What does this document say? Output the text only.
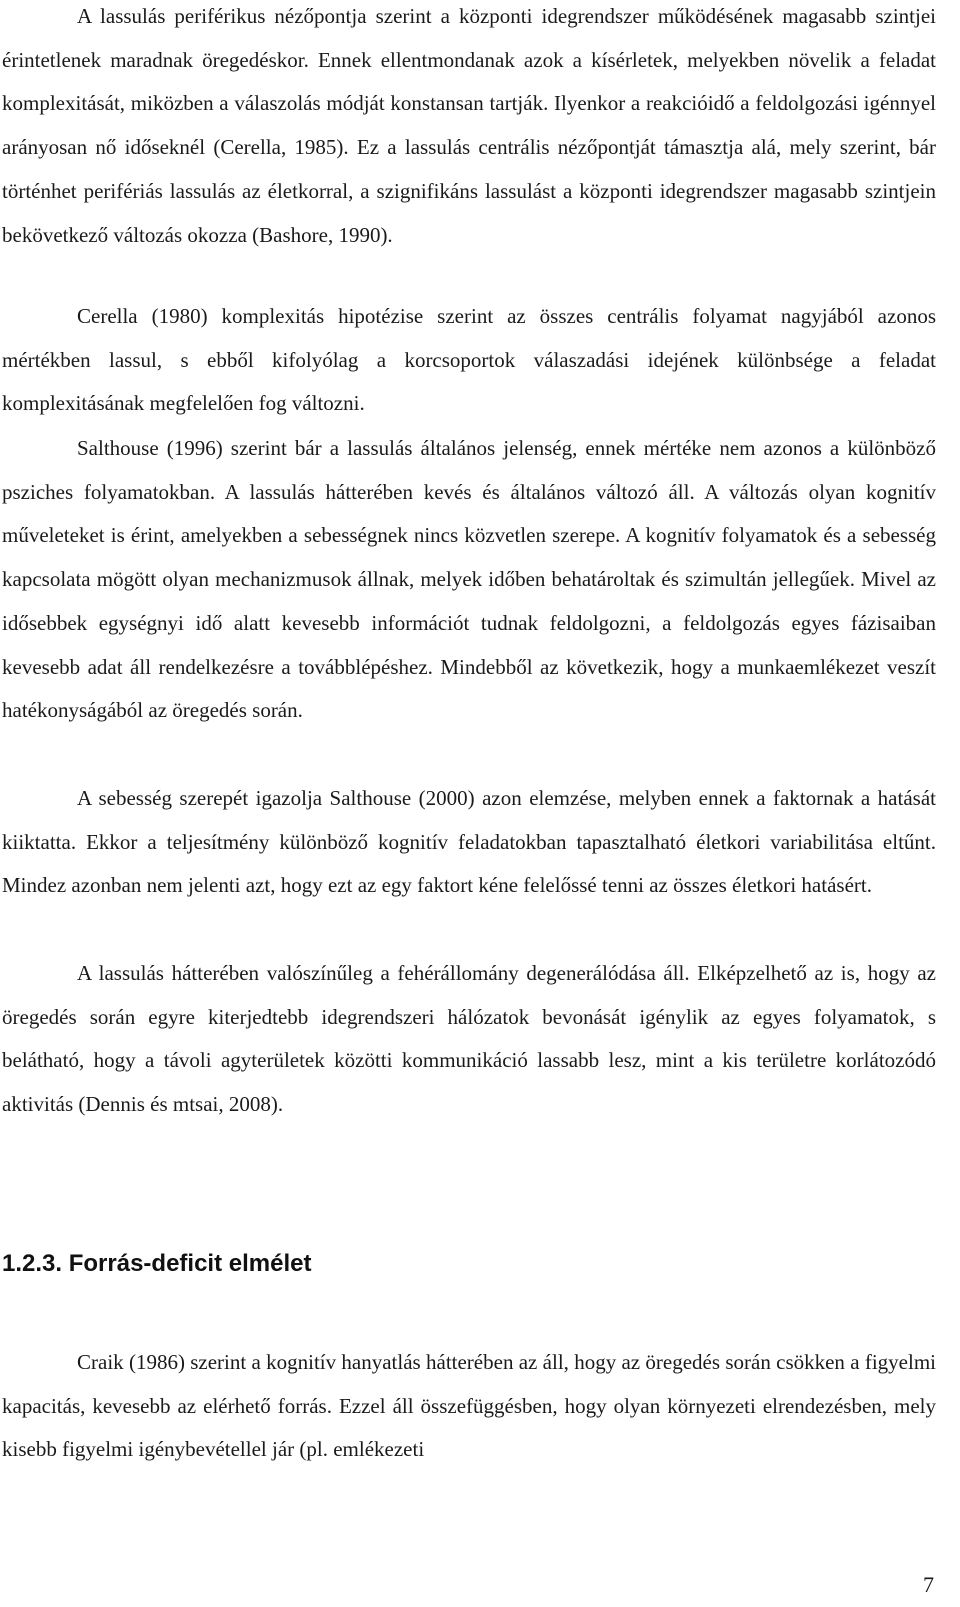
A lassulás periférikus nézőpontja szerint a központi idegrendszer működésének magasabb szintjei érintetlenek maradnak öregedéskor. Ennek ellentmondanak azok a kísérletek, melyekben növelik a feladat komplexitását, miközben a válaszolás módját konstansan tartják. Ilyenkor a reakcióidő a feldolgozási igénnyel arányosan nő időseknél (Cerella, 1985). Ez a lassulás centrális nézőpontját támasztja alá, mely szerint, bár történhet perifériás lassulás az életkorral, a szignifikáns lassulást a központi idegrendszer magasabb szintjein bekövetkező változás okozza (Bashore, 1990).

Cerella (1980) komplexitás hipotézise szerint az összes centrális folyamat nagyjából azonos mértékben lassul, s ebből kifolyólag a korcsoportok válaszadási idejének különbsége a feladat komplexitásának megfelelően fog változni.

Salthouse (1996) szerint bár a lassulás általános jelenség, ennek mértéke nem azonos a különböző psziches folyamatokban. A lassulás hátterében kevés és általános változó áll. A változás olyan kognitív műveleteket is érint, amelyekben a sebességnek nincs közvetlen szerepe. A kognitív folyamatok és a sebesség kapcsolata mögött olyan mechanizmusok állnak, melyek időben behatároltak és szimultán jellegűek. Mivel az idősebbek egységnyi idő alatt kevesebb információt tudnak feldolgozni, a feldolgozás egyes fázisaiban kevesebb adat áll rendelkezésre a továbblépéshez. Mindebből az következik, hogy a munkaemlékezet veszít hatékonyságából az öregedés során.

A sebesség szerepét igazolja Salthouse (2000) azon elemzése, melyben ennek a faktornak a hatását kiiktatta. Ekkor a teljesítmény különböző kognitív feladatokban tapasztalható életkori variabilitása eltűnt. Mindez azonban nem jelenti azt, hogy ezt az egy faktort kéne felelőssé tenni az összes életkori hatásért.

A lassulás hátterében valószínűleg a fehérállomány degenerálódása áll. Elképzelhető az is, hogy az öregedés során egyre kiterjedtebb idegrendszeri hálózatok bevonását igénylik az egyes folyamatok, s belátható, hogy a távoli agyterületek közötti kommunikáció lassabb lesz, mint a kis területre korlátozódó aktivitás (Dennis és mtsai, 2008).

1.2.3. Forrás-deficit elmélet

Craik (1986) szerint a kognitív hanyatlás hátterében az áll, hogy az öregedés során csökken a figyelmi kapacitás, kevesebb az elérhető forrás. Ezzel áll összefüggésben, hogy olyan környezeti elrendezésben, mely kisebb figyelmi igénybevétellel jár (pl. emlékezeti

7
